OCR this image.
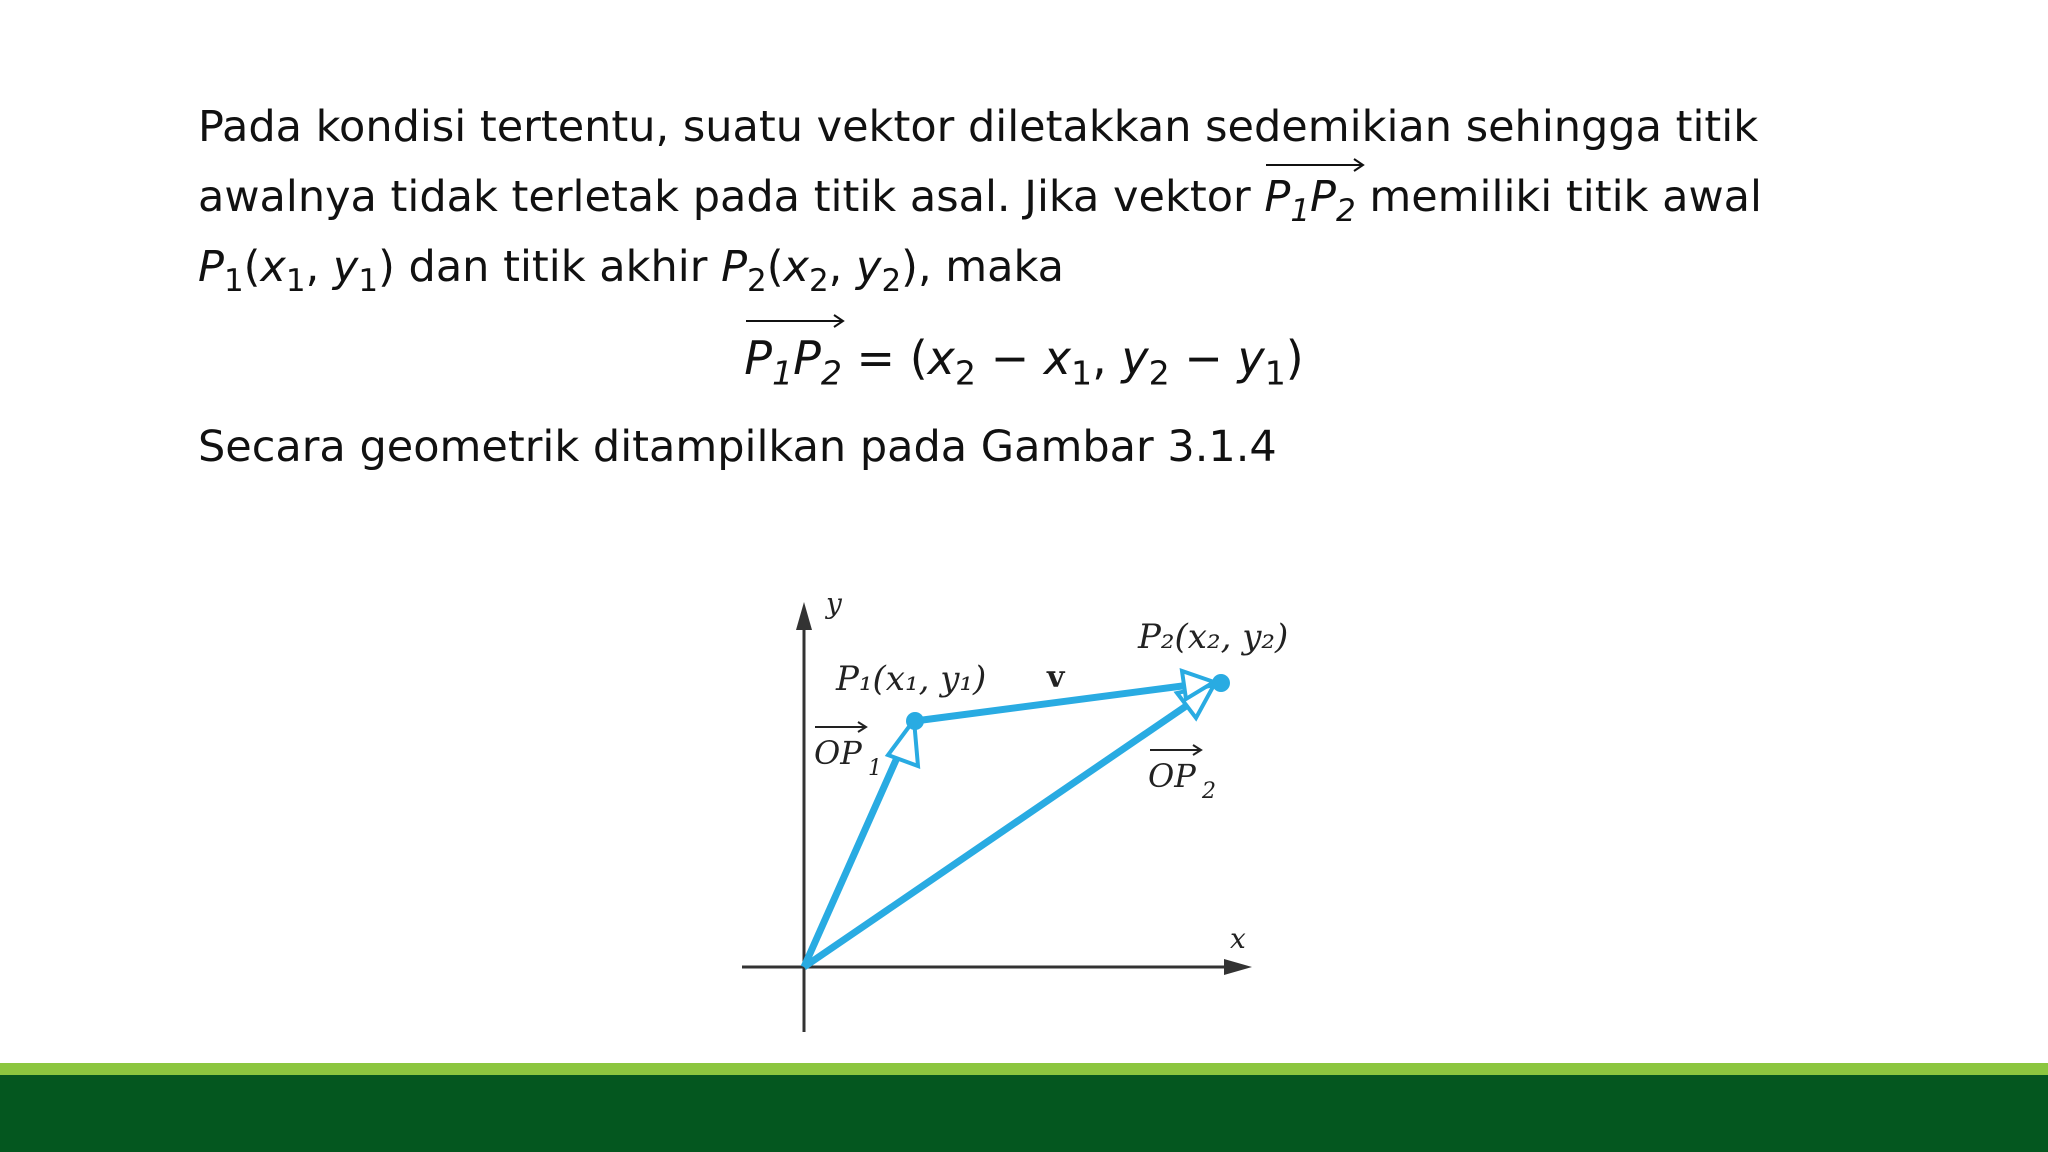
Pada kondisi tertentu, suatu vektor diletakkan sedemikian sehingga titik
awalnya tidak terletak pada titik asal. Jika vektor $P_1P_2$ memiliki titik awal
$P_1(x_1$, $y_1$) dan titik akhir $P_2(x_2$, $y_2$), maka
$P_1P_2 = (x_2 - x_1$, $y_2 - y_1$)
Secara geometrik ditampilkan pada Gambar 3.1.4
y
x
P₁(x₁, y₁)
P₂(x₂, y₂)
v
OP 1	OP 2
